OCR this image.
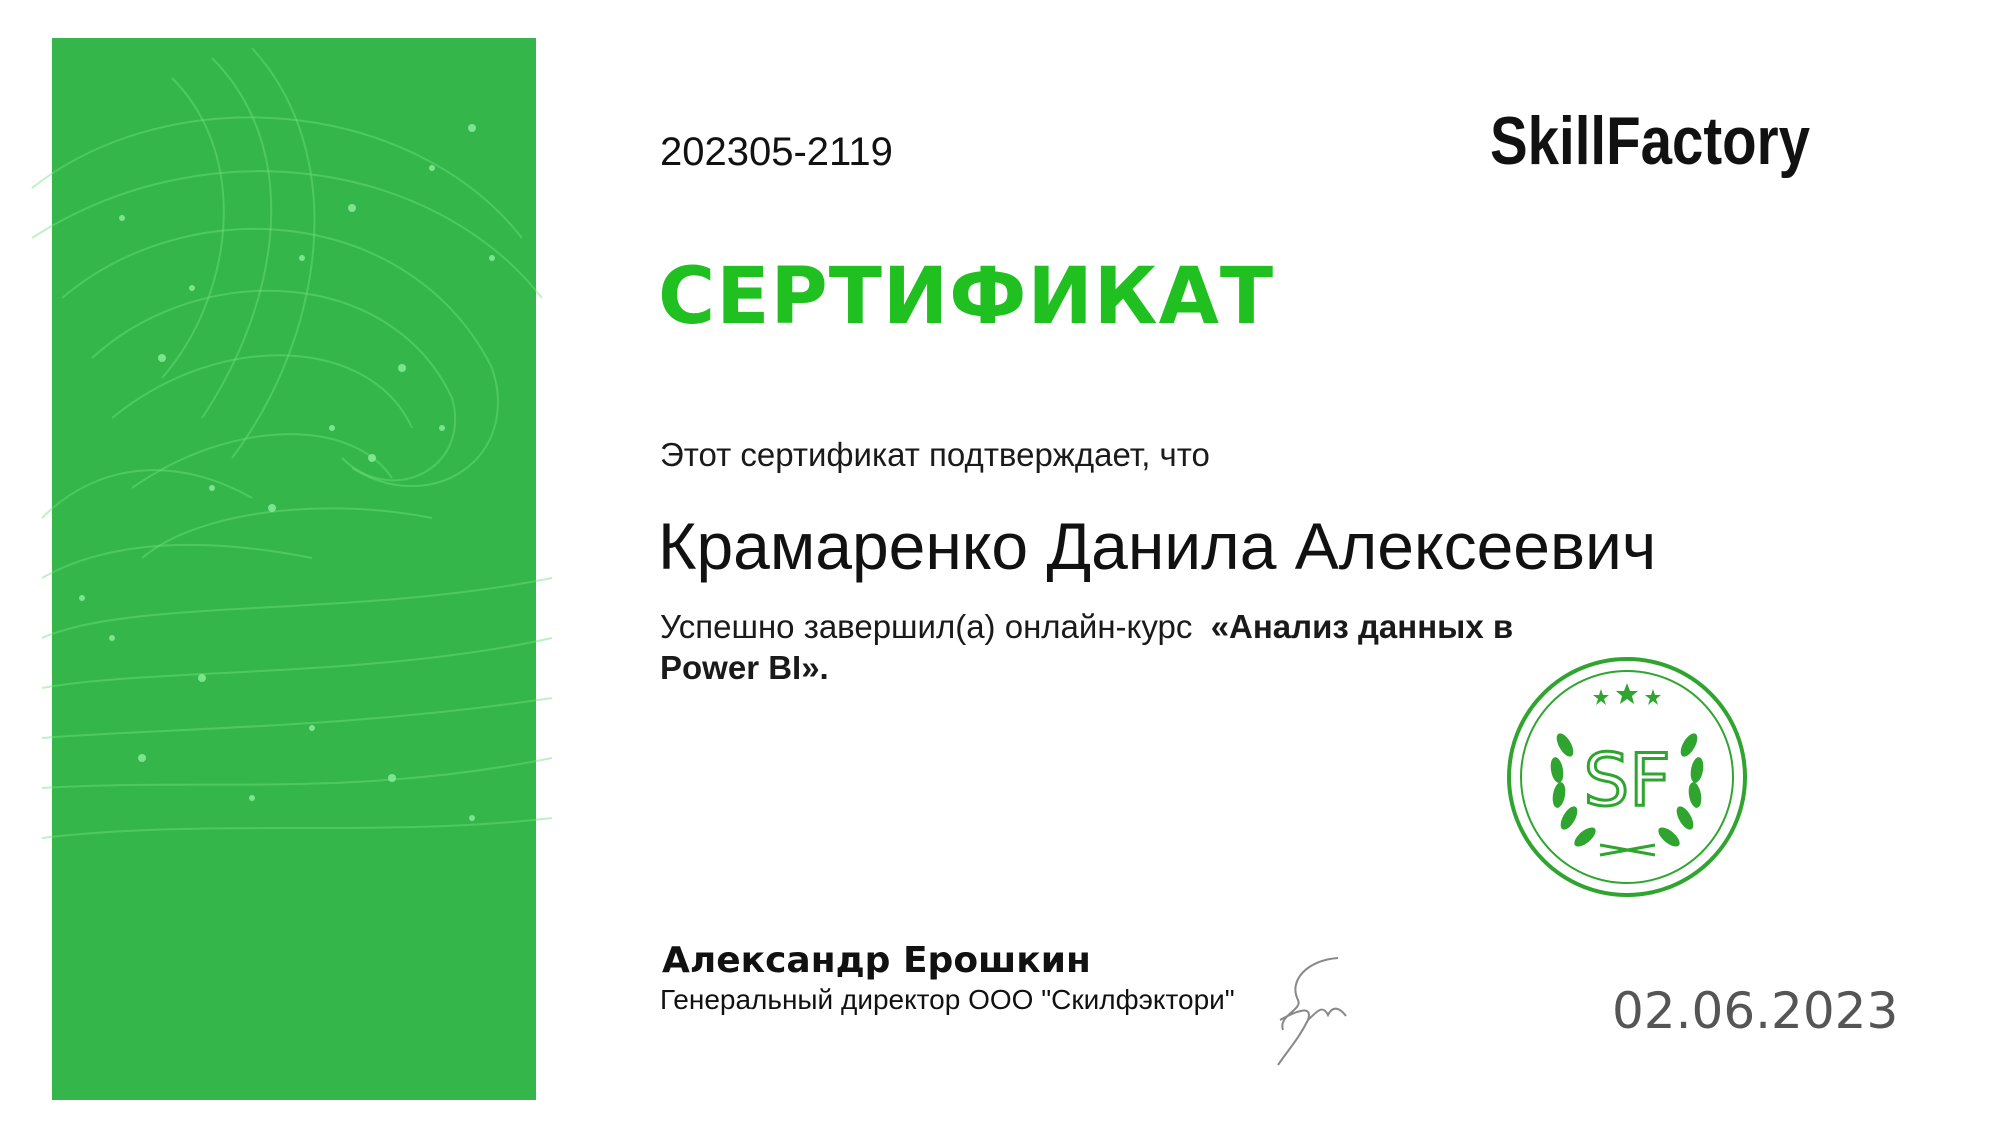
202305-2119	SkillFactory
СЕРТИФИКАТ
Этот сертификат подтверждает, что
Крамаренко Данила Алексеевич
Успешно завершил(а) онлайн-курс «Анализ данных в Power BI».
SF
Александр Ерошкин
Генеральный директор ООО "Скилфэктори"	02.06.2023
